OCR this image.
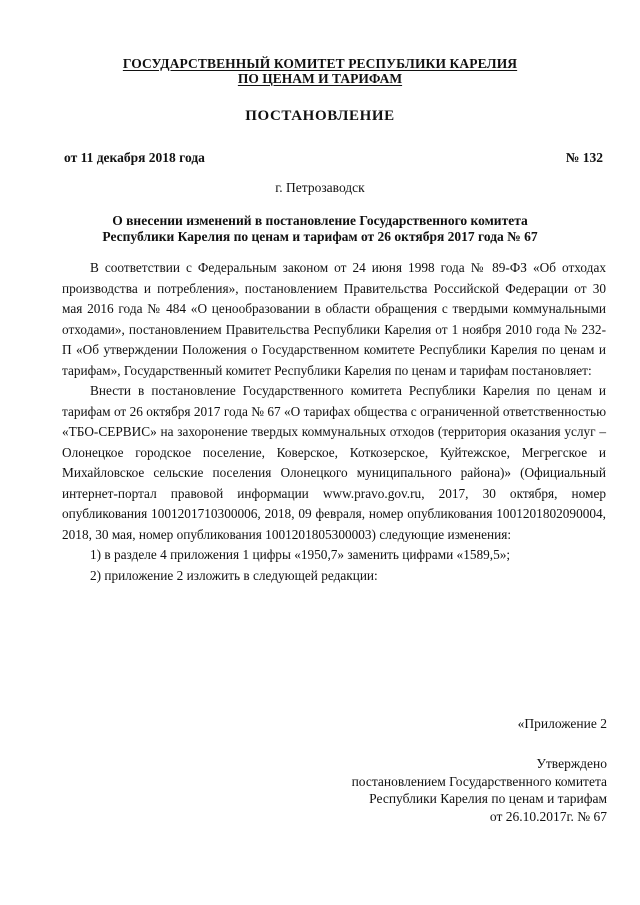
ГОСУДАРСТВЕННЫЙ КОМИТЕТ РЕСПУБЛИКИ КАРЕЛИЯ
ПО ЦЕНАМ И ТАРИФАМ
ПОСТАНОВЛЕНИЕ
от 11 декабря 2018 года	№ 132
г. Петрозаводск
О внесении изменений в постановление Государственного комитета
Республики Карелия по ценам и тарифам от 26 октября 2017 года № 67

В соответствии с Федеральным законом от 24 июня 1998 года № 89-ФЗ «Об отходах производства и потребления», постановлением Правительства Российской Федерации от 30 мая 2016 года № 484 «О ценообразовании в области обращения с твердыми коммунальными отходами», постановлением Правительства Республики Карелия от 1 ноября 2010 года № 232-П «Об утверждении Положения о Государственном комитете Республики Карелия по ценам и тарифам», Государственный комитет Республики Карелия по ценам и тарифам постановляет:

Внести в постановление Государственного комитета Республики Карелия по ценам и тарифам от 26 октября 2017 года № 67 «О тарифах общества с ограниченной ответственностью «ТБО-СЕРВИС» на захоронение твердых коммунальных отходов (территория оказания услуг – Олонецкое городское поселение, Коверское, Коткозерское, Куйтежское, Мегрегское и Михайловское сельские поселения Олонецкого муниципального района)» (Официальный интернет-портал правовой информации www.pravo.gov.ru, 2017, 30 октября, номер опубликования 1001201710300006, 2018, 09 февраля, номер опубликования 1001201802090004, 2018, 30 мая, номер опубликования 1001201805300003) следующие изменения:

1) в разделе 4 приложения 1 цифры «1950,7» заменить цифрами «1589,5»;

2) приложение 2 изложить в следующей редакции:

«Приложение 2
Утверждено
постановлением Государственного комитета
Республики Карелия по ценам и тарифам
от 26.10.2017г. № 67
